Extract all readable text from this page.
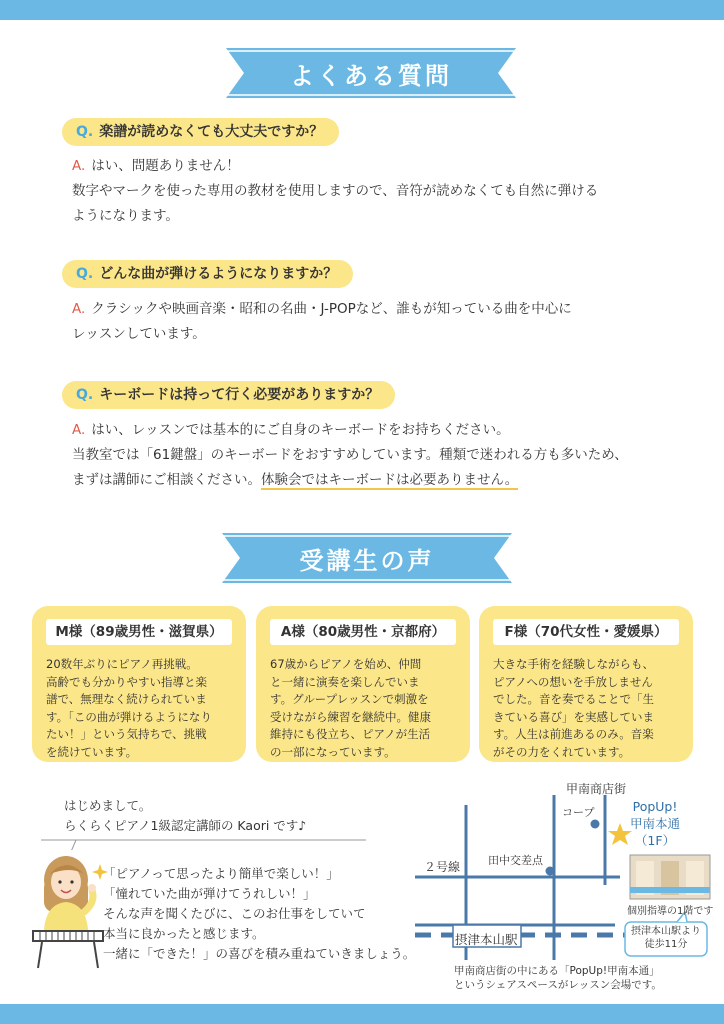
よくある質問
Q. 楽譜が読めなくても大丈夫ですか？
A. はい、問題ありません！
数字やマークを使った専用の教材を使用しますので、音符が読めなくても自然に弾ける
ようになります。
Q. どんな曲が弾けるようになりますか？
A. クラシックや映画音楽・昭和の名曲・J-POPなど、誰もが知っている曲を中心に
レッスンしています。
Q. キーボードは持って行く必要がありますか？
A. はい、レッスンでは基本的にご自身のキーボードをお持ちください。
当教室では「61鍵盤」のキーボードをおすすめしています。種類で迷われる方も多いため、
まずは講師にご相談ください。体験会ではキーボードは必要ありません。
受講生の声
M様（89歳男性・滋賀県）
20数年ぶりにピアノ再挑戦。
高齢でも分かりやすい指導と楽
譜で、無理なく続けられていま
す。「この曲が弾けるようになり
たい！」という気持ちで、挑戦
を続けています。
A様（80歳男性・京都府）
67歳からピアノを始め、仲間
と一緒に演奏を楽しんでいま
す。グループレッスンで刺激を
受けながら練習を継続中。健康
維持にも役立ち、ピアノが生活
の一部になっています。
F様（70代女性・愛媛県）
大きな手術を経験しながらも、
ピアノへの想いを手放しません
でした。音を奏でることで「生
きている喜び」を実感していま
す。人生は前進あるのみ。音楽
がその力をくれています。
はじめまして。
らくらくピアノ1級認定講師の Kaori です♪
「ピアノって思ったより簡単で楽しい！」
「憧れていた曲が弾けてうれしい！」
そんな声を聞くたびに、このお仕事をしていて
本当に良かったと感じます。
一緒に「できた！」の喜びを積み重ねていきましょう。
甲南商店街
コープ
２号線	田中交差点
摂津本山駅
PopUp!
甲南本通
（1F）
個別指導の1階です
摂津本山駅より
徒歩11分
甲南商店街の中にある「PopUp!甲南本通」
というシェアスペースがレッスン会場です。
